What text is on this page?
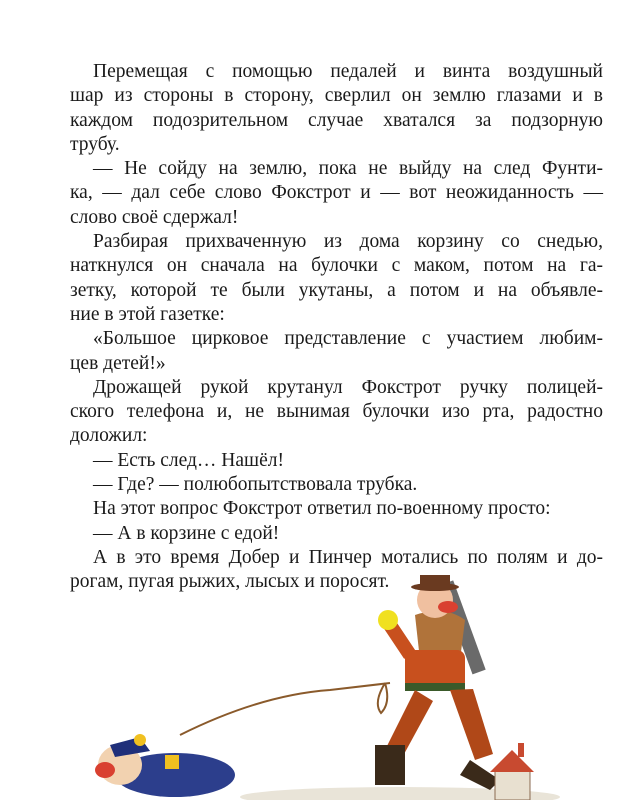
Перемещая с помощью педалей и винта воздушный
шар из стороны в сторону, сверлил он землю глазами и в
каждом подозрительном случае хватался за подзорную
трубу.
— Не сойду на землю, пока не выйду на след Фунти-
ка, — дал себе слово Фокстрот и — вот неожиданность —
слово своё сдержал!
Разбирая прихваченную из дома корзину со снедью,
наткнулся он сначала на булочки с маком, потом на га-
зетку, которой те были укутаны, а потом и на объявле-
ние в этой газетке:
«Большое цирковое представление с участием любим-
цев детей!»
Дрожащей рукой крутанул Фокстрот ручку полицей-
ского телефона и, не вынимая булочки изо рта, радостно
доложил:
— Есть след… Нашёл!
— Где? — полюбопытствовала трубка.
На этот вопрос Фокстрот ответил по-военному просто:
— А в корзине с едой!
А в это время Добер и Пинчер мотались по полям и до-
рогам, пугая рыжих, лысых и поросят.
